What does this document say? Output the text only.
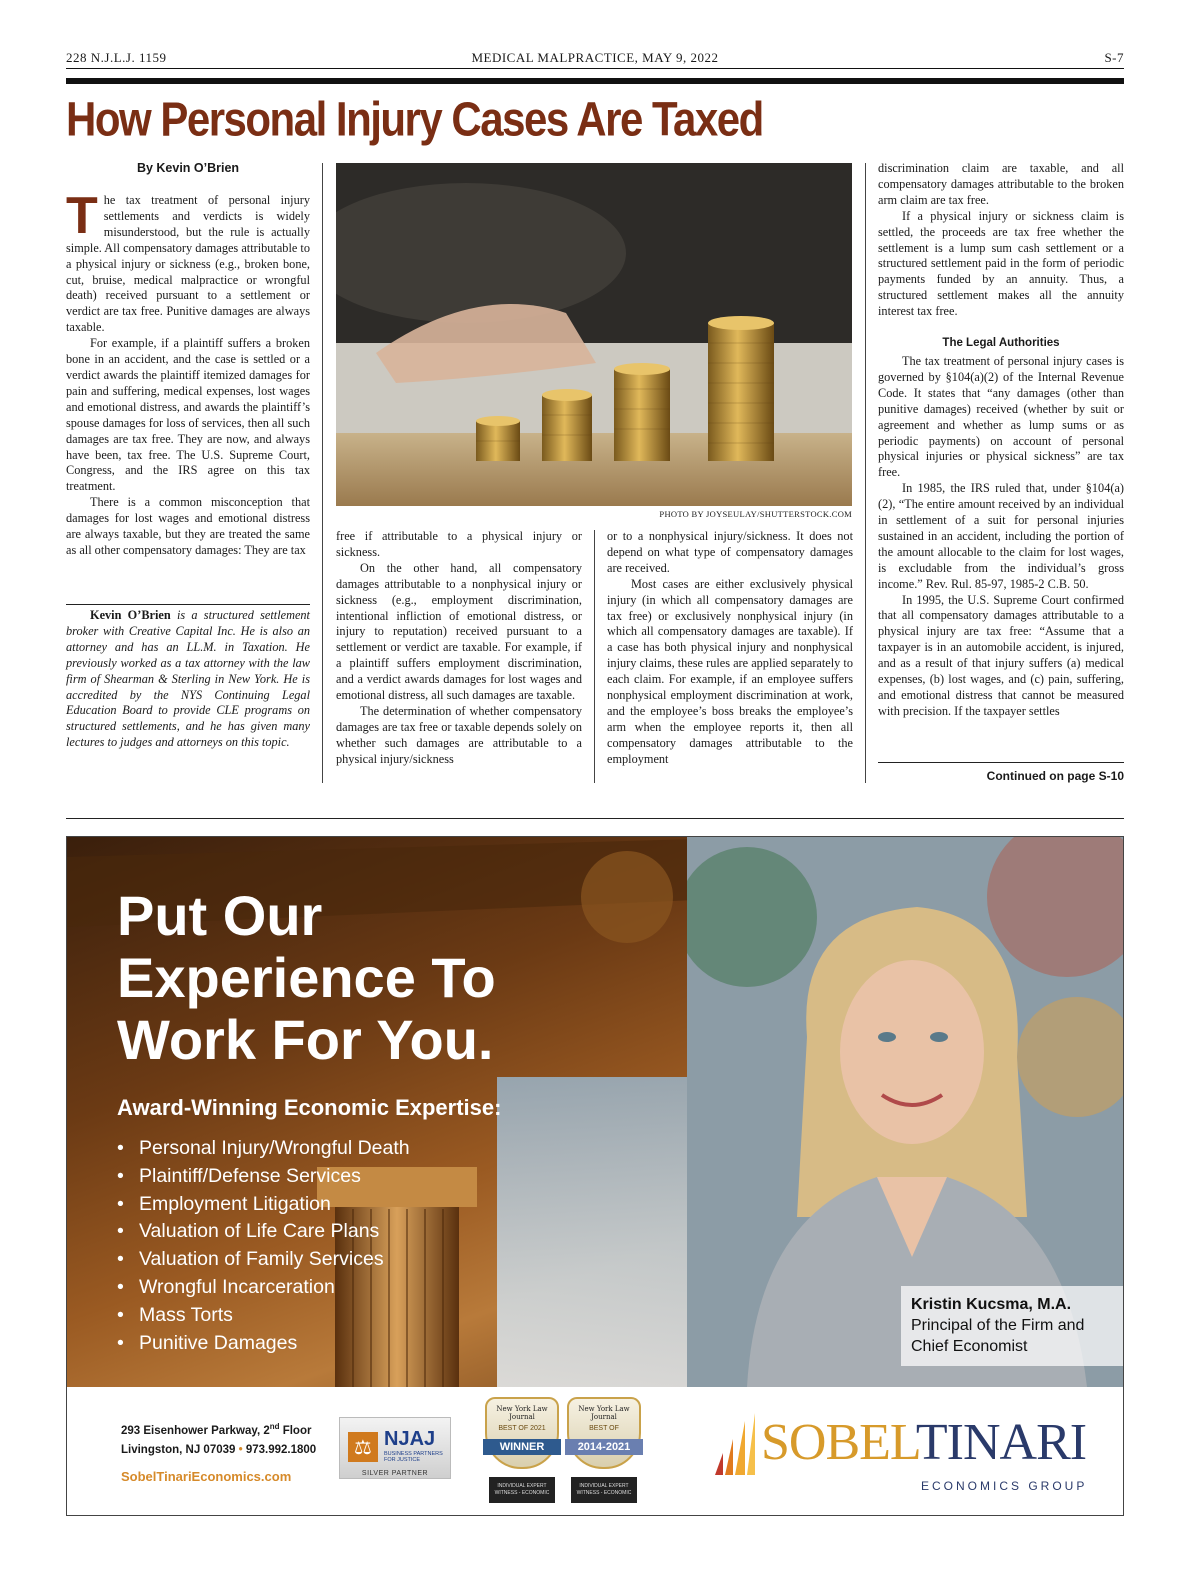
228 N.J.L.J. 1159	MEDICAL MALPRACTICE, MAY 9, 2022	S-7
How Personal Injury Cases Are Taxed
By Kevin O’Brien

The tax treatment of personal injury settlements and verdicts is widely misunderstood, but the rule is actually simple. All compensatory damages attributable to a physical injury or sickness (e.g., broken bone, cut, bruise, medical malpractice or wrongful death) received pursuant to a settlement or verdict are tax free. Punitive damages are always taxable.

For example, if a plaintiff suffers a broken bone in an accident, and the case is settled or a verdict awards the plaintiff itemized damages for pain and suffering, medical expenses, lost wages and emotional distress, and awards the plaintiff’s spouse damages for loss of services, then all such damages are tax free. They are now, and always have been, tax free. The U.S. Supreme Court, Congress, and the IRS agree on this tax treatment.

There is a common misconception that damages for lost wages and emotional distress are always taxable, but they are treated the same as all other compensatory damages: They are tax

Kevin O’Brien is a structured settlement broker with Creative Capital Inc. He is also an attorney and has an LL.M. in Taxation. He previously worked as a tax attorney with the law firm of Shearman & Sterling in New York. He is accredited by the NYS Continuing Legal Education Board to provide CLE programs on structured settlements, and he has given many lectures to judges and attorneys on this topic.
PHOTO BY JOYSEULAY/SHUTTERSTOCK.COM

free if attributable to a physical injury or sickness.

On the other hand, all compensatory damages attributable to a nonphysical injury or sickness (e.g., employment discrimination, intentional infliction of emotional distress, or injury to reputation) received pursuant to a settlement or verdict are taxable. For example, if a plaintiff suffers employment discrimination, and a verdict awards damages for lost wages and emotional distress, all such damages are taxable.

The determination of whether compensatory damages are tax free or taxable depends solely on whether such damages are attributable to a physical injury/sickness

or to a nonphysical injury/sickness. It does not depend on what type of compensatory damages are received.

Most cases are either exclusively physical injury (in which all compensatory damages are tax free) or exclusively nonphysical injury (in which all compensatory damages are taxable). If a case has both physical injury and nonphysical injury claims, these rules are applied separately to each claim. For example, if an employee suffers nonphysical employment discrimination at work, and the employee’s boss breaks the employee’s arm when the employee reports it, then all compensatory damages attributable to the employment

discrimination claim are taxable, and all compensatory damages attributable to the broken arm claim are tax free.

If a physical injury or sickness claim is settled, the proceeds are tax free whether the settlement is a lump sum cash settlement or a structured settlement paid in the form of periodic payments funded by an annuity. Thus, a structured settlement makes all the annuity interest tax free.

The Legal Authorities

The tax treatment of personal injury cases is governed by §104(a)(2) of the Internal Revenue Code. It states that “any damages (other than punitive damages) received (whether by suit or agreement and whether as lump sums or as periodic payments) on account of personal physical injuries or physical sickness” are tax free.

In 1985, the IRS ruled that, under §104(a)(2), “The entire amount received by an individual in settlement of a suit for personal injuries sustained in an accident, including the portion of the amount allocable to the claim for lost wages, is excludable from the individual’s gross income.” Rev. Rul. 85-97, 1985-2 C.B. 50.

In 1995, the U.S. Supreme Court confirmed that all compensatory damages attributable to a physical injury are tax free: “Assume that a taxpayer is in an automobile accident, is injured, and as a result of that injury suffers (a) medical expenses, (b) lost wages, and (c) pain, suffering, and emotional distress that cannot be measured with precision. If the taxpayer settles

Continued on page S-10
Put Our
Experience To
Work For You.
Award-Winning Economic Expertise:
• Personal Injury/Wrongful Death
• Plaintiff/Defense Services
• Employment Litigation
• Valuation of Life Care Plans
• Valuation of Family Services
• Wrongful Incarceration
• Mass Torts
• Punitive Damages
Kristin Kucsma, M.A.
Principal of the Firm and
Chief Economist
293 Eisenhower Parkway, 2nd Floor
Livingston, NJ 07039 • 973.992.1800
SobelTinariEconomics.com
⚖ NJAJ
BUSINESS PARTNERS FOR JUSTICE
SILVER PARTNER
New York Law Journal
BEST OF 2021
WINNER
INDIVIDUAL EXPERT WITNESS - ECONOMIC
New York Law Journal
BEST OF
2014-2021
INDIVIDUAL EXPERT WITNESS - ECONOMIC
SOBELTINARI
ECONOMICS GROUP
